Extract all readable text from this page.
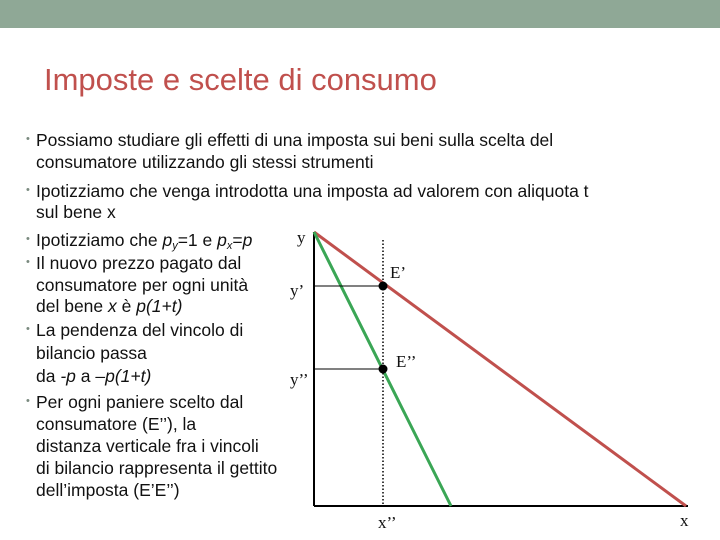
Imposte e scelte di consumo
• Possiamo studiare gli effetti di una imposta sui beni sulla scelta del
consumatore utilizzando gli stessi strumenti
• Ipotizziamo che venga introdotta una imposta ad valorem con aliquota t
sul bene x
• Ipotizziamo che $p_y=1$ e $p_x=p$
• Il nuovo prezzo pagato dal
consumatore per ogni unità
del bene x è p(1+t)
• La pendenza del vincolo di
bilancio passa
da -p a –p(1+t)
• Per ogni paniere scelto dal
consumatore (E’’), la
distanza verticale fra i vincoli
di bilancio rappresenta il gettito
dell’imposta (E’E’’)
y
y’
y’’
E’
E’’
x’’	x
